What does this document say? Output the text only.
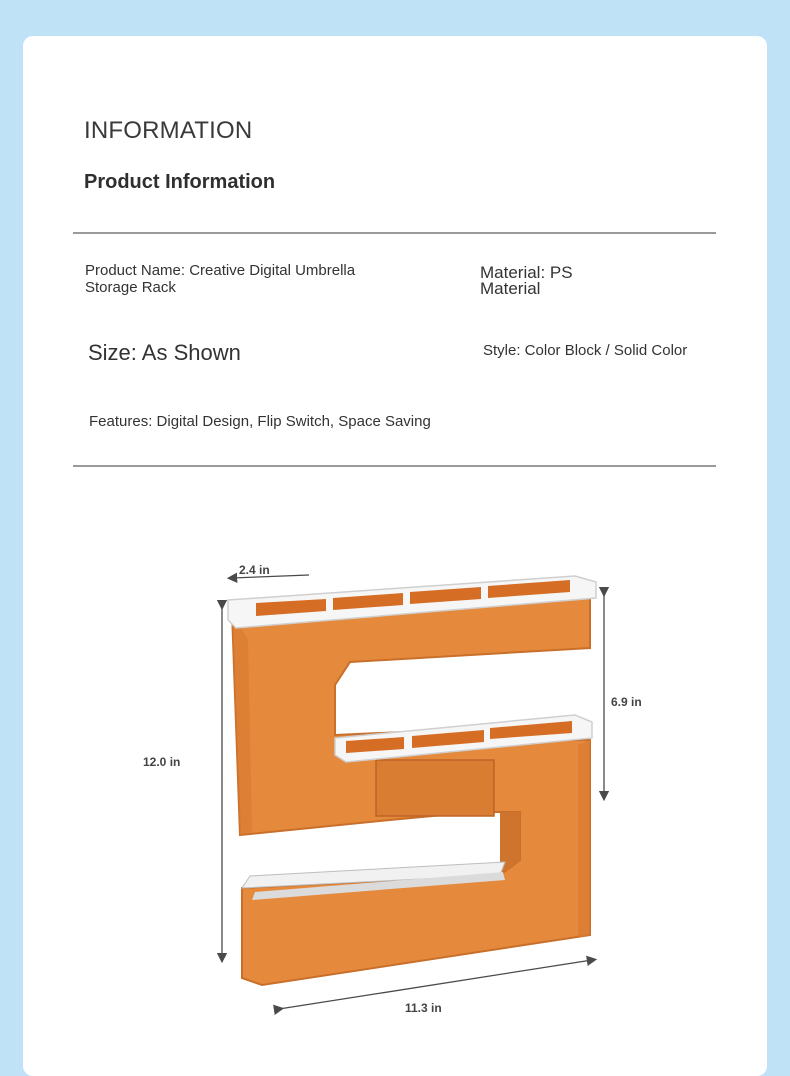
INFORMATION
Product Information
Product Name: Creative Digital Umbrella Storage Rack
Material: PS Material
Size: As Shown	Style: Color Block / Solid Color
Features: Digital Design, Flip Switch, Space Saving
2.4 in
12.0 in
6.9 in
11.3 in
